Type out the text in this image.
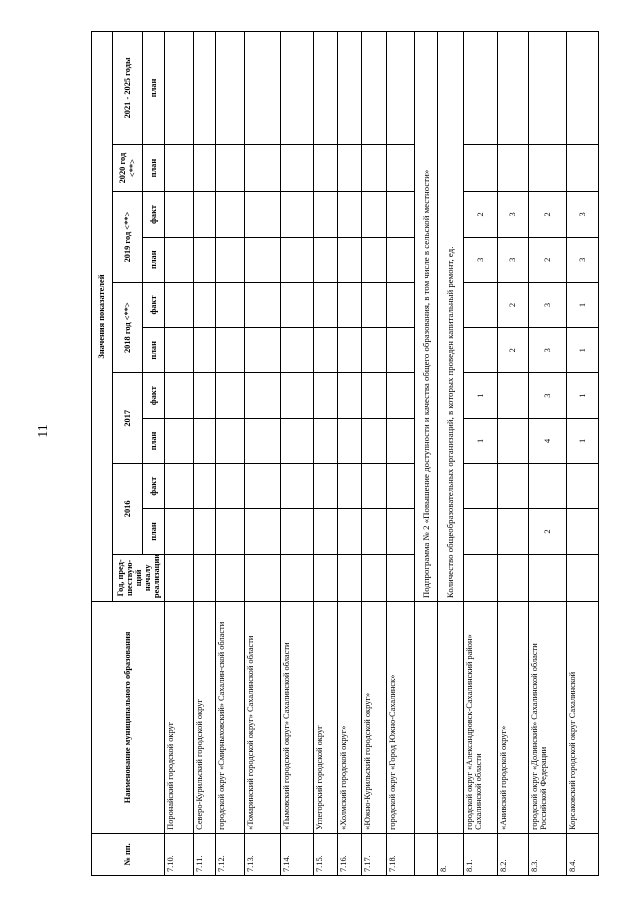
11
№ пп.	Наименование муниципального образования	Значения показателей										
		Год, пред-шествую-щий началу реализации	2016		2017		2018 год <**>		2019 год <**>		2020 год <**>	2021 - 2025 годы
			план	факт	план	факт	план	факт	план	факт	план	план
7.10.	Поронайский городской округ											
7.11.	Северо-Курильский городской округ											
7.12.	городской округ «Смирныховский» Сахалин-ской области											
7.13.	«Томаринский городской округ» Сахалинской области											
7.14.	«Тымовский городской округ» Сахалинской области											
7.15.	Углегорский городской округ											
7.16.	«Холмский городской округ»											
7.17.	«Южно-Курильский городской округ»											
7.18.	городской округ «Город Южно-Сахалинск»											
		Подпрограмма № 2 «Повышение доступности и качества общего образования, в том числе в сельской местности»										
8.		Количество общеобразовательных организаций, в которых проведен капитальный ремонт, ед.										
8.1.	городской округ «Александровск-Сахалинский район» Сахалинской области				1	1			3	2		
8.2.	«Анивский городской округ»						2	2	3	3		
8.3.	городской округ «Долинский» Сахалинской области Российской Федерации		2		4	3	3	3	2	2		
8.4.	Корсаковский городской округ Сахалинской				1	1	1	1	3	3		
